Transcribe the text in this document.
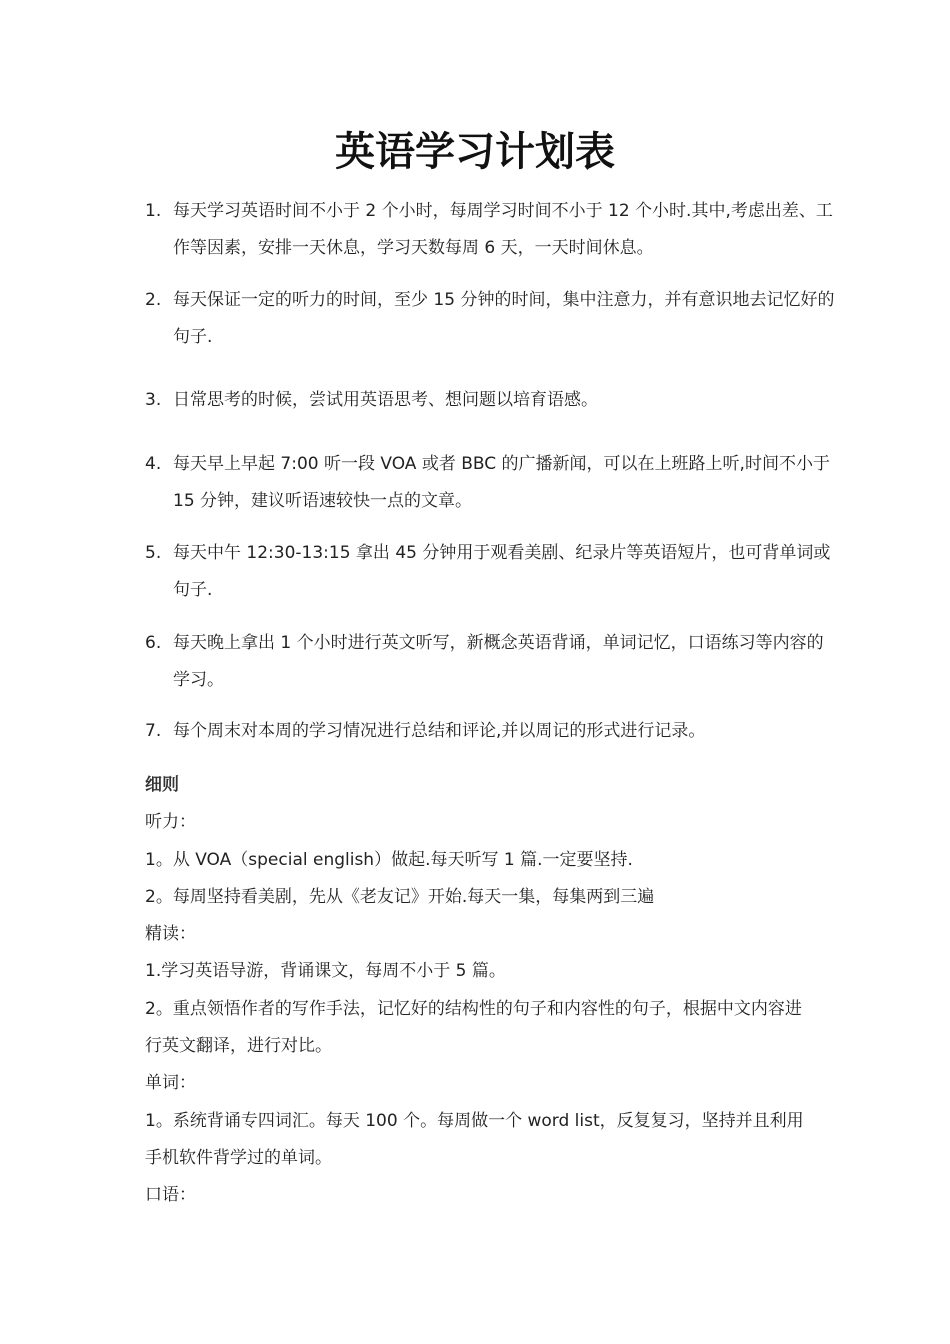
英语学习计划表
1. 每天学习英语时间不小于 2 个小时，每周学习时间不小于 12 个小时.其中,考虑出差、工作等因素，安排一天休息，学习天数每周 6 天，一天时间休息。
2. 每天保证一定的听力的时间，至少 15 分钟的时间，集中注意力，并有意识地去记忆好的句子.
3. 日常思考的时候，尝试用英语思考、想问题以培育语感。
4. 每天早上早起 7:00 听一段 VOA 或者 BBC 的广播新闻，可以在上班路上听,时间不小于 15 分钟，建议听语速较快一点的文章。
5. 每天中午 12:30-13:15 拿出 45 分钟用于观看美剧、纪录片等英语短片，也可背单词或句子.
6. 每天晚上拿出 1 个小时进行英文听写，新概念英语背诵，单词记忆，口语练习等内容的学习。
7. 每个周末对本周的学习情况进行总结和评论,并以周记的形式进行记录。

细则

听力：

1。从 VOA（special english）做起.每天听写 1 篇.一定要坚持.

2。每周坚持看美剧，先从《老友记》开始.每天一集，每集两到三遍

精读：

1.学习英语导游，背诵课文，每周不小于 5 篇。

2。重点领悟作者的写作手法，记忆好的结构性的句子和内容性的句子，根据中文内容进行英文翻译，进行对比。

单词：

1。系统背诵专四词汇。每天 100 个。每周做一个 word list，反复复习，坚持并且利用手机软件背学过的单词。

口语：
